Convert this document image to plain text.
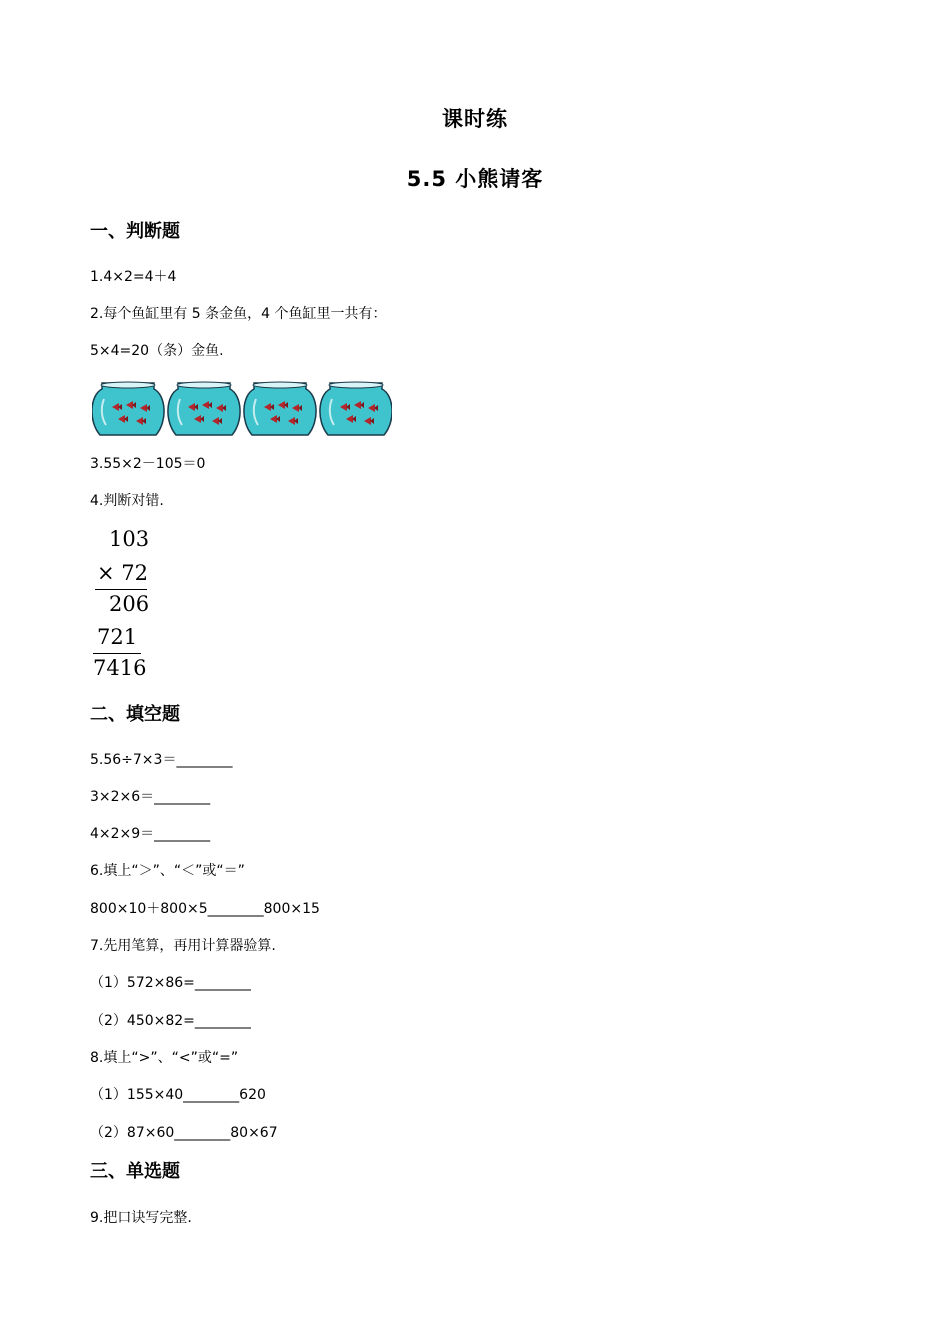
课时练
5.5 小熊请客
一、判断题
1.4×2=4＋4
2.每个鱼缸里有 5 条金鱼，4 个鱼缸里一共有：
5×4=20（条）金鱼.
3.55×2－105＝0
4.判断对错.
103
× 72
206
721
7416
二、填空题
5.56÷7×3＝________
3×2×6＝________
4×2×9＝________
6.填上“＞”、“＜”或“＝”
800×10＋800×5________800×15
7.先用笔算，再用计算器验算.
（1）572×86=________
（2）450×82=________
8.填上“>”、“<”或“=”
（1）155×40________620
（2）87×60________80×67
三、单选题
9.把口诀写完整.
